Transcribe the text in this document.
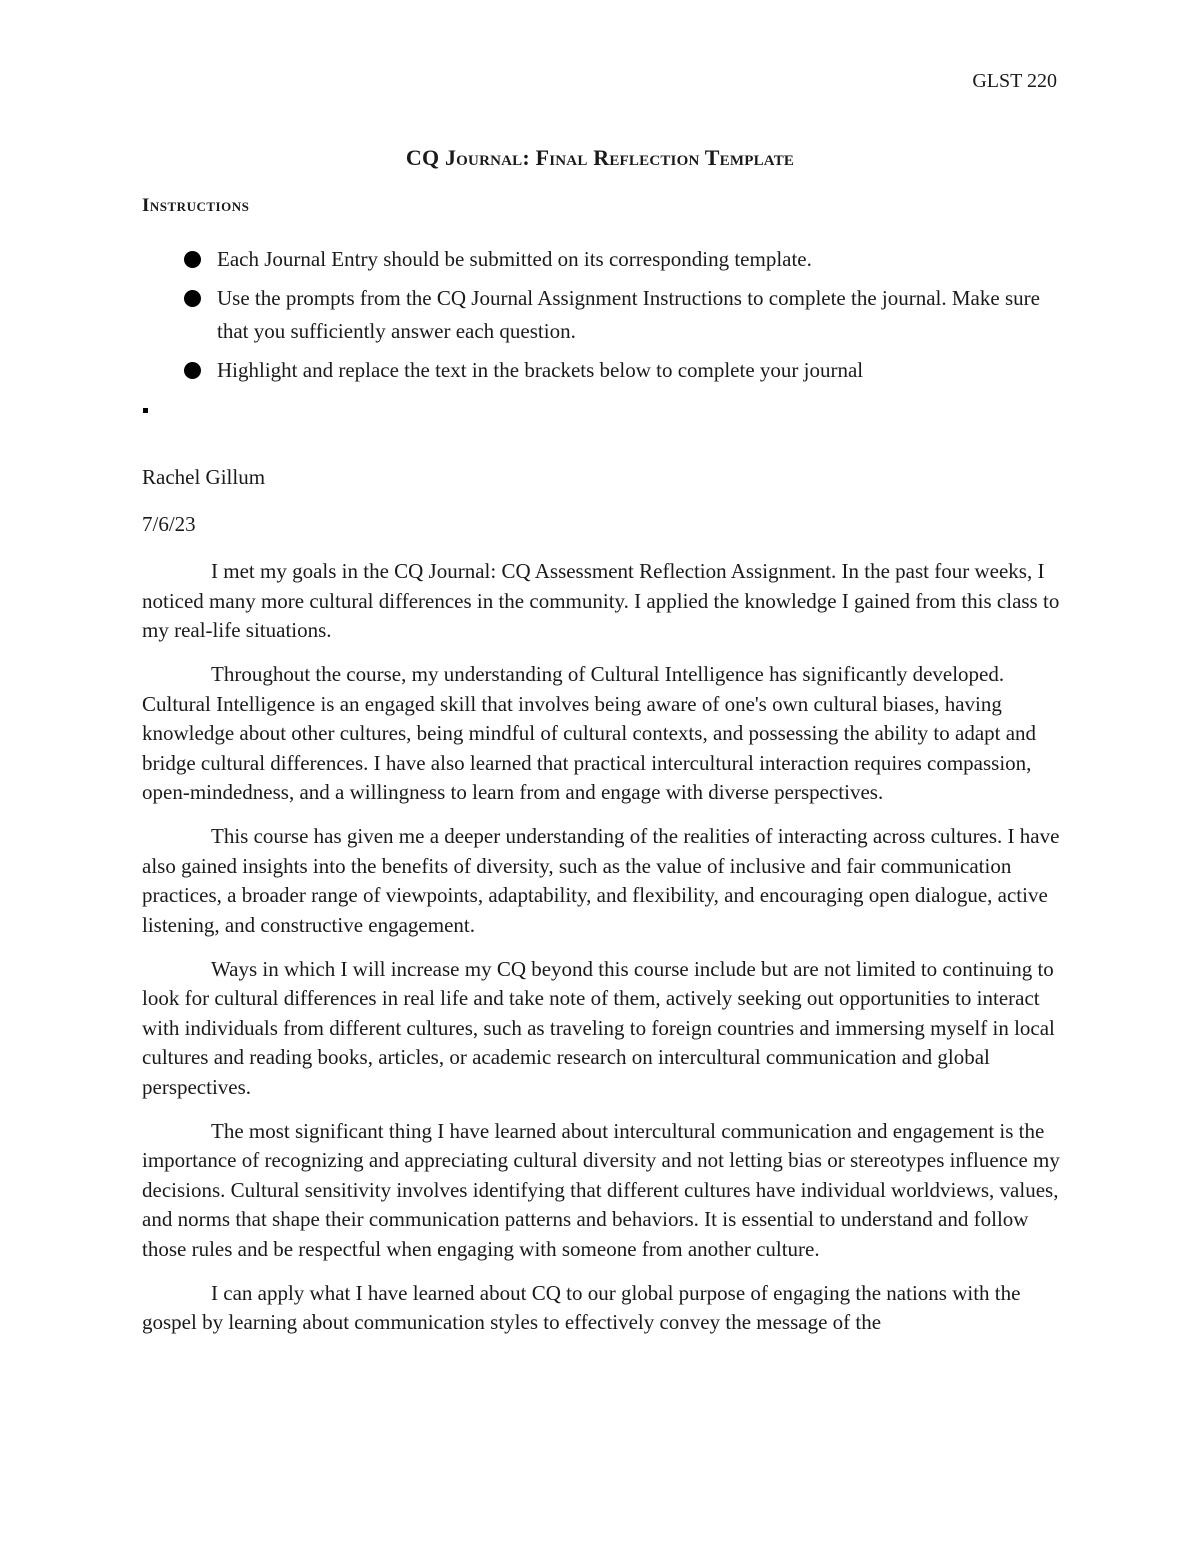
GLST 220
CQ Journal: Final Reflection Template
Instructions
Each Journal Entry should be submitted on its corresponding template.
Use the prompts from the CQ Journal Assignment Instructions to complete the journal. Make sure that you sufficiently answer each question.
Highlight and replace the text in the brackets below to complete your journal
Rachel Gillum
7/6/23

I met my goals in the CQ Journal: CQ Assessment Reflection Assignment. In the past four weeks, I noticed many more cultural differences in the community. I applied the knowledge I gained from this class to my real-life situations.

Throughout the course, my understanding of Cultural Intelligence has significantly developed. Cultural Intelligence is an engaged skill that involves being aware of one's own cultural biases, having knowledge about other cultures, being mindful of cultural contexts, and possessing the ability to adapt and bridge cultural differences. I have also learned that practical intercultural interaction requires compassion, open-mindedness, and a willingness to learn from and engage with diverse perspectives.

This course has given me a deeper understanding of the realities of interacting across cultures. I have also gained insights into the benefits of diversity, such as the value of inclusive and fair communication practices, a broader range of viewpoints, adaptability, and flexibility, and encouraging open dialogue, active listening, and constructive engagement.

Ways in which I will increase my CQ beyond this course include but are not limited to continuing to look for cultural differences in real life and take note of them, actively seeking out opportunities to interact with individuals from different cultures, such as traveling to foreign countries and immersing myself in local cultures and reading books, articles, or academic research on intercultural communication and global perspectives.

The most significant thing I have learned about intercultural communication and engagement is the importance of recognizing and appreciating cultural diversity and not letting bias or stereotypes influence my decisions. Cultural sensitivity involves identifying that different cultures have individual worldviews, values, and norms that shape their communication patterns and behaviors. It is essential to understand and follow those rules and be respectful when engaging with someone from another culture.

I can apply what I have learned about CQ to our global purpose of engaging the nations with the gospel by learning about communication styles to effectively convey the message of the
